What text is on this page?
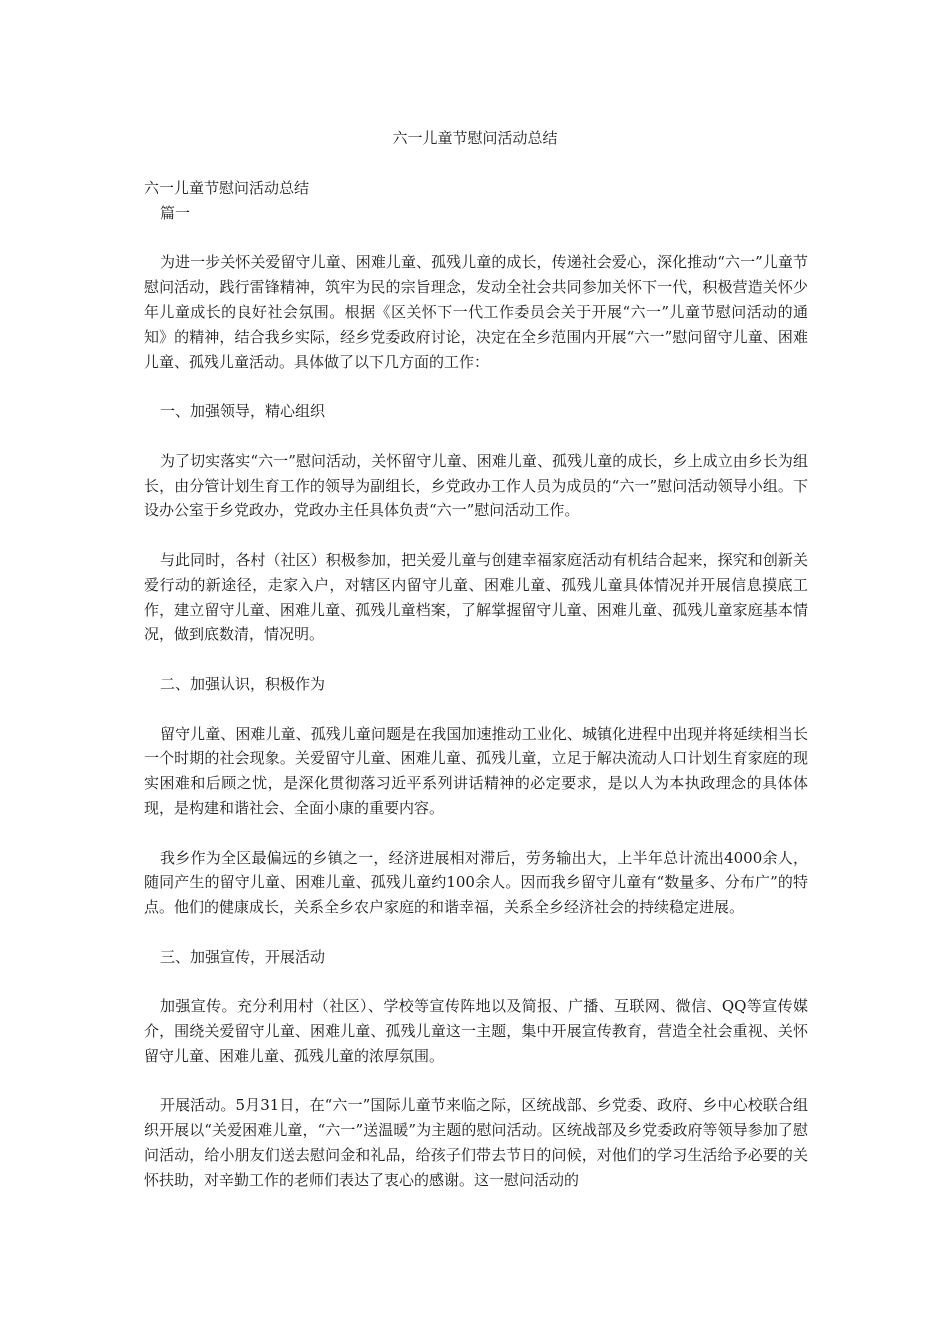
六一儿童节慰问活动总结

六一儿童节慰问活动总结

篇一

为进一步关怀关爱留守儿童、困难儿童、孤残儿童的成长，传递社会爱心，深化推动“六一”儿童节慰问活动，践行雷锋精神，筑牢为民的宗旨理念，发动全社会共同参加关怀下一代，积极营造关怀少年儿童成长的良好社会氛围。根据《区关怀下一代工作委员会关于开展“六一”儿童节慰问活动的通知》的精神，结合我乡实际，经乡党委政府讨论，决定在全乡范围内开展“六一”慰问留守儿童、困难儿童、孤残儿童活动。具体做了以下几方面的工作：

一、加强领导，精心组织

为了切实落实“六一”慰问活动，关怀留守儿童、困难儿童、孤残儿童的成长，乡上成立由乡长为组长，由分管计划生育工作的领导为副组长，乡党政办工作人员为成员的“六一”慰问活动领导小组。下设办公室于乡党政办，党政办主任具体负责“六一”慰问活动工作。

与此同时，各村（社区）积极参加，把关爱儿童与创建幸福家庭活动有机结合起来，探究和创新关爱行动的新途径，走家入户，对辖区内留守儿童、困难儿童、孤残儿童具体情况并开展信息摸底工作，建立留守儿童、困难儿童、孤残儿童档案，了解掌握留守儿童、困难儿童、孤残儿童家庭基本情况，做到底数清，情况明。

二、加强认识，积极作为

留守儿童、困难儿童、孤残儿童问题是在我国加速推动工业化、城镇化进程中出现并将延续相当长一个时期的社会现象。关爱留守儿童、困难儿童、孤残儿童，立足于解决流动人口计划生育家庭的现实困难和后顾之忧，是深化贯彻落习近平系列讲话精神的必定要求，是以人为本执政理念的具体体现，是构建和谐社会、全面小康的重要内容。

我乡作为全区最偏远的乡镇之一，经济进展相对滞后，劳务输出大，上半年总计流出4000余人，随同产生的留守儿童、困难儿童、孤残儿童约100余人。因而我乡留守儿童有“数量多、分布广”的特点。他们的健康成长，关系全乡农户家庭的和谐幸福，关系全乡经济社会的持续稳定进展。

三、加强宣传，开展活动

加强宣传。充分利用村（社区）、学校等宣传阵地以及简报、广播、互联网、微信、QQ等宣传媒介，围绕关爱留守儿童、困难儿童、孤残儿童这一主题，集中开展宣传教育，营造全社会重视、关怀留守儿童、困难儿童、孤残儿童的浓厚氛围。

开展活动。5月31日，在“六一”国际儿童节来临之际，区统战部、乡党委、政府、乡中心校联合组织开展以“关爱困难儿童，“六一”送温暖”为主题的慰问活动。区统战部及乡党委政府等领导参加了慰问活动，给小朋友们送去慰问金和礼品，给孩子们带去节日的问候，对他们的学习生活给予必要的关怀扶助，对辛勤工作的老师们表达了衷心的感谢。这一慰问活动的
